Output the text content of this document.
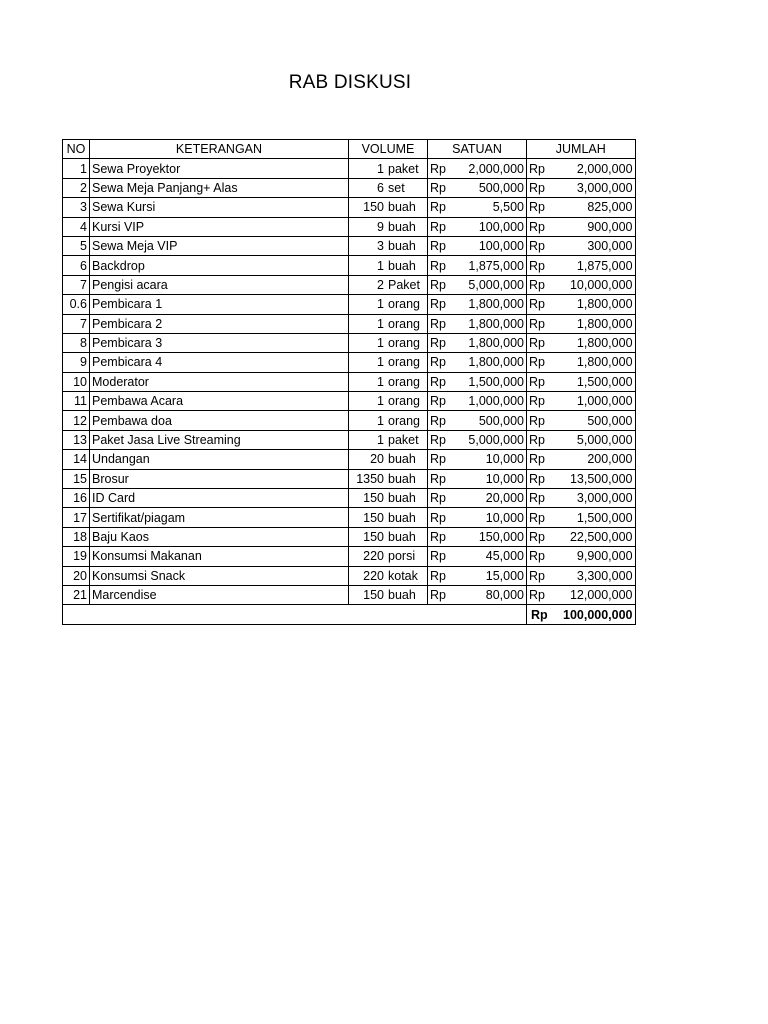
RAB DISKUSI
NO	KETERANGAN	VOLUME		SATUAN		JUMLAH	
1	Sewa Proyektor	1	paket	Rp	2,000,000	Rp	2,000,000
2	Sewa Meja Panjang+ Alas	6	set	Rp	500,000	Rp	3,000,000
3	Sewa Kursi	150	buah	Rp	5,500	Rp	825,000
4	Kursi VIP	9	buah	Rp	100,000	Rp	900,000
5	Sewa Meja VIP	3	buah	Rp	100,000	Rp	300,000
6	Backdrop	1	buah	Rp	1,875,000	Rp	1,875,000
7	Pengisi acara	2	Paket	Rp	5,000,000	Rp	10,000,000
0.6	Pembicara 1	1	orang	Rp	1,800,000	Rp	1,800,000
7	Pembicara 2	1	orang	Rp	1,800,000	Rp	1,800,000
8	Pembicara 3	1	orang	Rp	1,800,000	Rp	1,800,000
9	Pembicara 4	1	orang	Rp	1,800,000	Rp	1,800,000
10	Moderator	1	orang	Rp	1,500,000	Rp	1,500,000
11	Pembawa Acara	1	orang	Rp	1,000,000	Rp	1,000,000
12	Pembawa doa	1	orang	Rp	500,000	Rp	500,000
13	Paket Jasa Live Streaming	1	paket	Rp	5,000,000	Rp	5,000,000
14	Undangan	20	buah	Rp	10,000	Rp	200,000
15	Brosur	1350	buah	Rp	10,000	Rp	13,500,000
16	ID Card	150	buah	Rp	20,000	Rp	3,000,000
17	Sertifikat/piagam	150	buah	Rp	10,000	Rp	1,500,000
18	Baju Kaos	150	buah	Rp	150,000	Rp	22,500,000
19	Konsumsi Makanan	220	porsi	Rp	45,000	Rp	9,900,000
20	Konsumsi Snack	220	kotak	Rp	15,000	Rp	3,300,000
21	Marcendise	150	buah	Rp	80,000	Rp	12,000,000
						Rp	100,000,000
